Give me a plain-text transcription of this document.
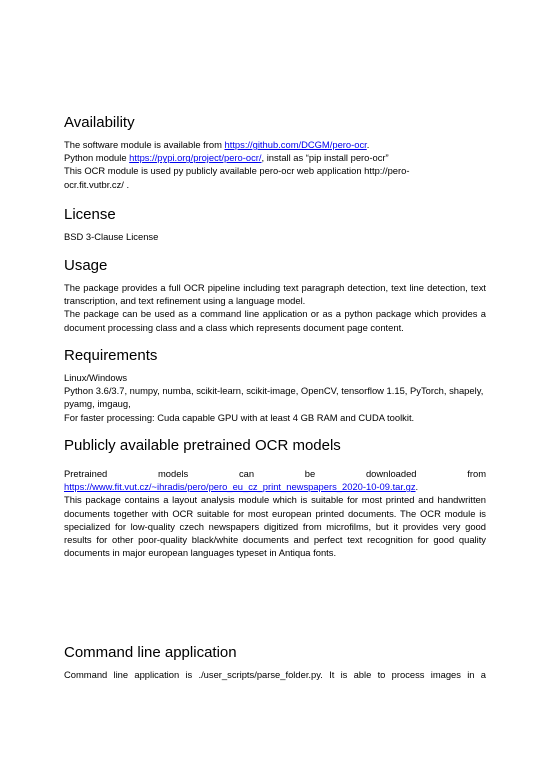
Availability

The software module is available from https://github.com/DCGM/pero-ocr.

Python module https://pypi.org/project/pero-ocr/, install as “pip install pero-ocr”

This OCR module is used py publicly available pero-ocr web application http://pero-

ocr.fit.vutbr.cz/ .

License

BSD 3-Clause License

Usage

The package provides a full OCR pipeline including text paragraph detection, text line detection, text transcription, and text refinement using a language model.

The package can be used as a command line application or as a python package which provides a document processing class and a class which represents document page content.

Requirements

Linux/Windows

Python 3.6/3.7, numpy, numba, scikit-learn, scikit-image, OpenCV, tensorflow 1.15, PyTorch, shapely, pyamg, imgaug,

For faster processing: Cuda capable GPU with at least 4 GB RAM and CUDA toolkit.

Publicly available pretrained OCR models

Pretrained models can be downloaded from

https://www.fit.vut.cz/~ihradis/pero/pero_eu_cz_print_newspapers_2020-10-09.tar.gz.

This package contains a layout analysis module which is suitable for most printed and handwritten documents together with OCR suitable for most european printed documents. The OCR module is specialized for low-quality czech newspapers digitized from microfilms, but it provides very good results for other poor-quality black/white documents and perfect text recognition for good quality documents in major european languages typeset in Antiqua fonts.

Command line application

Command line application is ./user_scripts/parse_folder.py. It is able to process images in a
